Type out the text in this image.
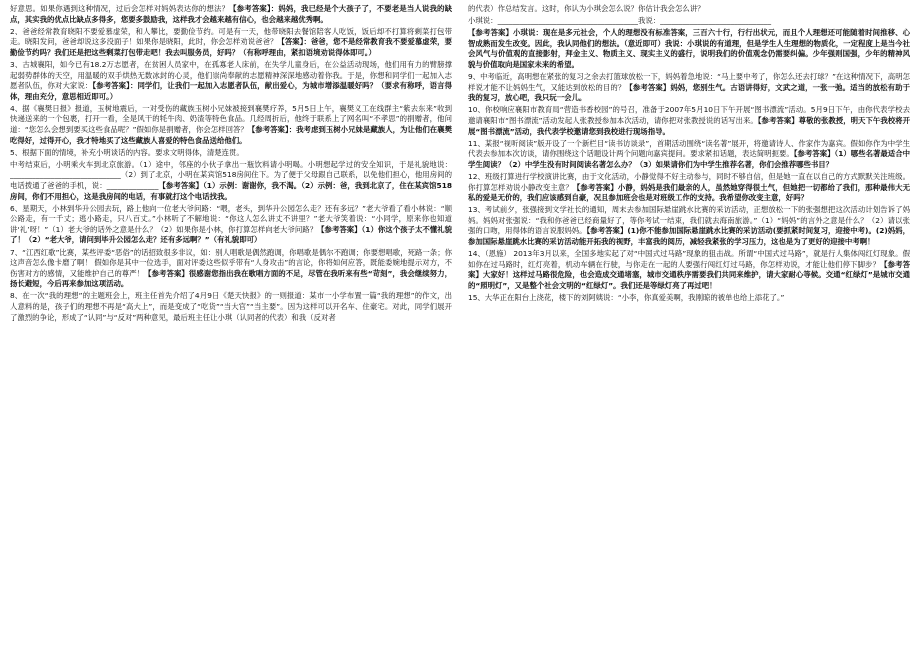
好意思。如果你遇到这种情况，过后会怎样对妈妈表达你的想法？【参考答案】：妈妈，我已经是个大孩子了，不要老是当人说我的缺点，其实我的优点比缺点多得多，您要多鼓励我，这样我才会越来越有信心，也会越来越优秀啊。

2、爸爸经常教育晓阳不要爱慕虚荣，和人攀比，要勤俭节约。可是有一天，他带晓阳去餐馆陪客人吃饭，饭后却不打算将剩菜打包带走。晓阳发问，爸爸却说这多没面子！如果你是晓阳，此时，你会怎样劝说爸爸？【答案】：爸爸，您不是经常教育我不要爱慕虚荣，要勤俭节约吗？我们还是把这些剩菜打包带走吧！我去叫服务员，好吗？（有称呼理由，紧扣语境劝说得体即可。）

3、古城襄阳，如今已有18.2万志愿者，在贫困人员家中，在孤寡老人床前，在失学儿童身后，在公益活动现场，他们用有力的臂膀撑起弱势群体的天空，用温暖的双手烘热无数冰封的心灵，他们崇尚奉献的志愿精神深深地感动着你我。于是，你想和同学们一起加入志愿者队伍，你对大家说：【参考答案】：同学们，让我们一起加入志愿者队伍，献出爱心，为城市增添温暖好吗？（要求有称呼，语言得体，理由充分，意思相近即可。）

4、据《襄樊日报》报道，玉树地震后，一对受伤的藏族玉树小兄妹被接到襄樊疗养，5月5日上午，襄樊义工在线群主“紫去东来”收到快递送来的一个包裹，打开一看，全是风干的牦牛肉、奶渣等特色食品。几经周折后，他终于联系上了网名叫“不孝思”的捐赠者，他问道：“您怎么会想到要买这些食品呢？”假如你是捐赠者，你会怎样回答？【参考答案】：我考虑到玉树小兄妹是藏族人，为让他们在襄樊吃得好，过得开心，我才特地买了这些藏族人喜爱的特色食品送给他们。

5、根据下面的情境，补充小明谈话的内容。要求文明得体，清楚连贯。

中考结束后，小明乘火车到北京旅游。（1）途中，邻座的小伙子拿出一瓶饮料请小明喝。小明想起学过的安全知识，于是礼貌地说：______________________________（2）到了北京，小明在某宾馆518房间住下。为了便于父母跟自己联系，以免他们担心，他用房间的电话拨通了爸爸的手机，说：______________【参考答案】（1）示例：谢谢你，我不渴。（2）示例：爸，我到北京了，住在某宾馆518房间，你们不用担心，这是我房间的电话，有事就打这个电话找我。

6、星期天，小林到华升公园去玩，路上他向一位老大爷问路：“喂，老头，到华升公园怎么走？还有多远？”老大爷看了看小林说：“顺公路走，有一千丈；逃小路走，只八百丈。”小林听了不解地说：“你这人怎么讲丈不讲里？”老大爷笑着说：“小同学，原来你也知道讲‘礼’呀！”（1）老大爷的话外之意是什么？（2）如果你是小林，你打算怎样向老大爷问路？【参考答案】（1）你这个孩子太不懂礼貌了！（2）“老大爷，请问到毕升公园怎么走？还有多远啊？”（有礼貌即可）

7、“江西红歌”比赛，某些评委“恶俗”的话招致很多非议，如：别人唱歌是偶然跑调，你唱歌是偶尔不跑调；你要想唱歌，死路一条；你这声音怎么像卡磨了啊！ 假如你是其中一位选手，面对评委这些似乎带有“人身攻击”的言论，你将如何应答，既能委婉地提示对方，不伤害对方的感情，又能维护自己的尊严！【参考答案】很感谢您指出我在歌唱方面的不足，尽管在我听来有些“苛刻”，我会继续努力，扬长避短，今后再来参加这项活动。

8、在一次“我的理想”的主题班会上，班主任首先介绍了4月9日《楚天快报》的一则报道：某市一小学布置一篇“我的理想”的作文，出人意料的是，孩子们的理想不再是“高大上”，而是变成了“吃货”“当大官”“当主要”。因为这样可以开名车、住豪宅。对此，同学们展开了激烈的争论，形成了“认同”与“反对”两种意见，最后班主任让小琪（认同者的代表）和我（反对者

的代表）作总结发言。这时，你认为小琪会怎么说？你估计我会怎么讲？

小琪说：______________________________________我说：______________________________

【参考答案】小琪说：现在是多元社会，个人的理想没有标准答案，三百六十行，行行出状元，而且个人理想还可能随着时间推移、心智成熟而发生改变。因此，我认同他们的想法。（意近即可）我说：小琪说的有道理，但是学生人生理想的物质化，一定程度上是当今社会风气与价值观的直接影射，拜金主义、物质主义、现实主义的盛行，说明我们的价值观念仍需要纠偏。少年强则国强，少年的精神风貌与价值取向是国家未来的希望。

9、中考临近，高明想在紧张的复习之余去打篮球放松一下，妈妈着急地说：“马上要中考了，你怎么还去打球？”在这种情况下，高明怎样说才能不让妈妈生气，又能达到放松的目的？【参考答案】妈妈，您别生气。古语讲得好，文武之道，一张一弛。适当的放松有助于我的复习，放心吧，我只玩一会儿。

10、你校响应襄阳市教育局“营造书香校园”的号召，准备于2007年5月10日下午开展“图书漂流”活动。5月9日下午，由你代表学校去邀请襄阳市“图书漂流”活动发起人张教授参加本次活动，请你把对张教授说的话写出来。【参考答案】尊敬的张教授，明天下午我校将开展“图书漂流”活动，我代表学校邀请您到我校进行现场指导。

11、某报“视听阅读”版开设了一个新栏目“读书访谈录”，首期活动围绕“读名著”展开，将邀请诗人、作家作为嘉宾。假如你作为中学生代表去参加本次访谈，请你围绕这个话题设计两个问题向嘉宾提问。要求紧扣话题，表达简明扼要。【参考答案】（1）哪些名著最适合中学生阅读？（2）中学生没有时间阅读名著怎么办？（3）如果请你们为中学生推荐名著，你们会推荐哪些书目？

12、班级打算进行学校演讲比赛，由于文化活动，小静觉得不好主动参与，同时不够自信，但是她一直在以自己的方式默默关注班级。你打算怎样劝说小静改变主意？【参考答案】小静，妈妈是我们最亲的人，虽然她穿得很土气，但她把一切都给了我们，那种最伟大无私的爱是无价的，我们应该感到自豪，况且参加班会也是对班级工作的支持。我希望你改变主意，好吗？

13、考试前夕，张强接到文学社长的通知，周末去参加国际悬崖跳水比赛的采访活动，正想放松一下的张强想把这次活动计划告诉了妈妈。妈妈对张强说：“我和你爸爸已经商量好了，等你考试一结束，我们就去海南旅游。”（1）“妈妈”的言外之意是什么？（2）请以张强的口吻，用得体的语言说服妈妈。【参考答案】(1)你不能参加国际悬崖跳水比赛的采访活动(要抓紧时间复习，迎接中考)。(2)妈妈，参加国际悬崖跳水比赛的采访活动能开拓我的视野，丰富我的阅历，减轻我紧张的学习压力，这也是为了更好的迎接中考啊！

14、（恩施） 2013年3月以来，全国多地实起了对“中国式过马路”现象的狙击战。所谓“中国式过马路”，就是行人集体闯红灯现象。假如你在过马路时，红灯亮着，机动车辆在行驶，与你走在一起的人要强行闯红灯过马路，你怎样劝说，才能让他们停下脚步？【参考答案】大家好！这样过马路很危险，也会造成交通堵塞，城市交通秩序需要我们共同来维护，请大家耐心等候。交通“红绿灯”是城市交通的“照明灯”，又是整个社会文明的“红绿灯”。我们还是等绿灯亮了再过吧！

15、大华正在阳台上浇花，楼下的刘阿姨说：“小李，你真爱美啊，我刚晾的被单也给上添花了。”
